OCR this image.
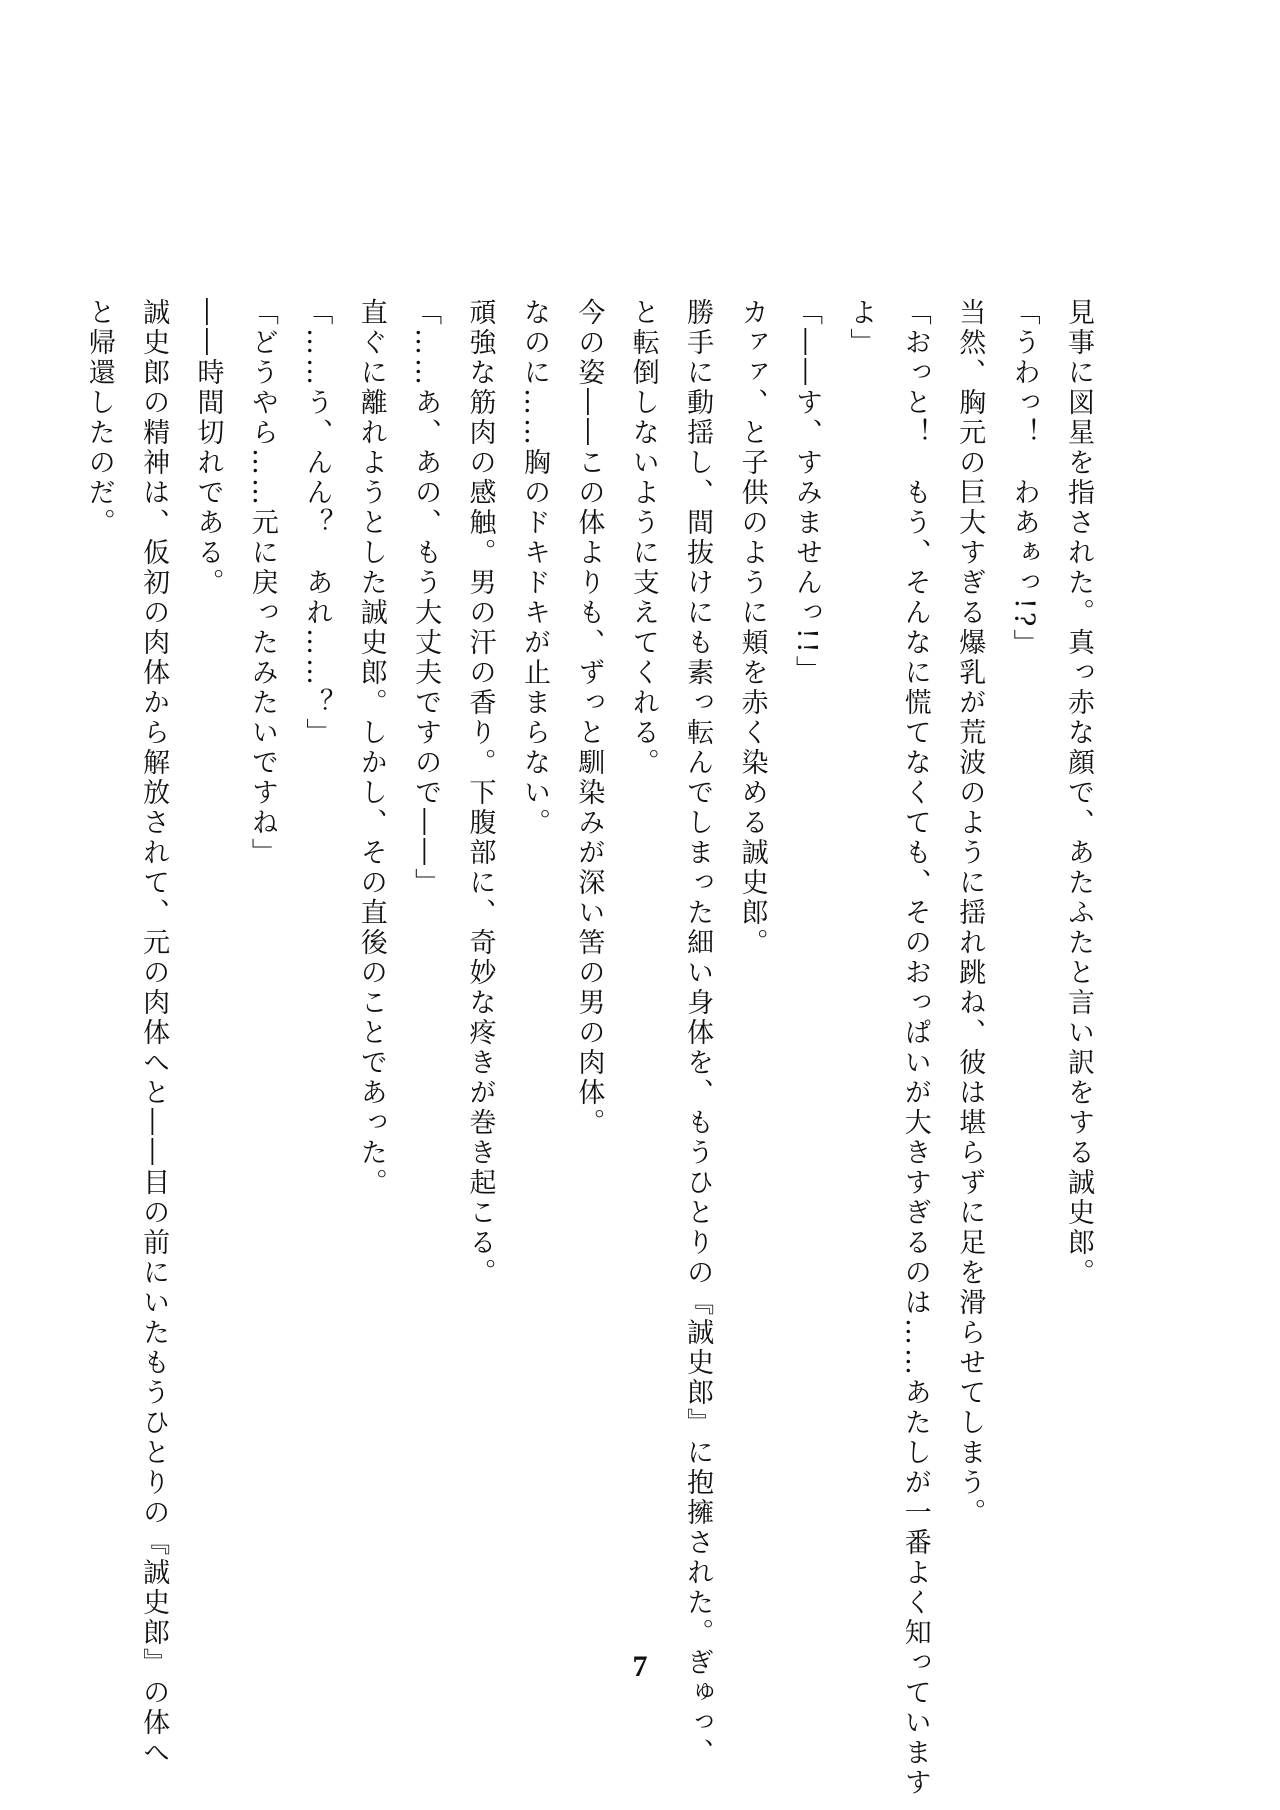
見事に図星を指された。真っ赤な顔で、あたふたと言い訳をする誠史郎。
「うわっ！　わあぁっ!?」
当然、胸元の巨大すぎる爆乳が荒波のように揺れ跳ね、彼は堪らずに足を滑らせてしまう。
「おっと！　もう、そんなに慌てなくても、そのおっぱいが大きすぎるのは……あたしが一番よく知っています
よ」
「――す、すみませんっ!!」
カァァ、と子供のように頬を赤く染める誠史郎。
勝手に動揺し、間抜けにも素っ転んでしまった細い身体を、もうひとりの『誠史郎』に抱擁された。ぎゅっ、
と転倒しないように支えてくれる。
今の姿――この体よりも、ずっと馴染みが深い筈の男の肉体。
なのに……胸のドキドキが止まらない。
頑強な筋肉の感触。男の汗の香り。下腹部に、奇妙な疼きが巻き起こる。
「……あ、あの、もう大丈夫ですので――」
直ぐに離れようとした誠史郎。しかし、その直後のことであった。
「……う、んん？　あれ……？」
「どうやら……元に戻ったみたいですね」
――時間切れである。
誠史郎の精神は、仮初の肉体から解放されて、元の肉体へと――目の前にいたもうひとりの『誠史郎』の体へ
と帰還したのだ。
7
